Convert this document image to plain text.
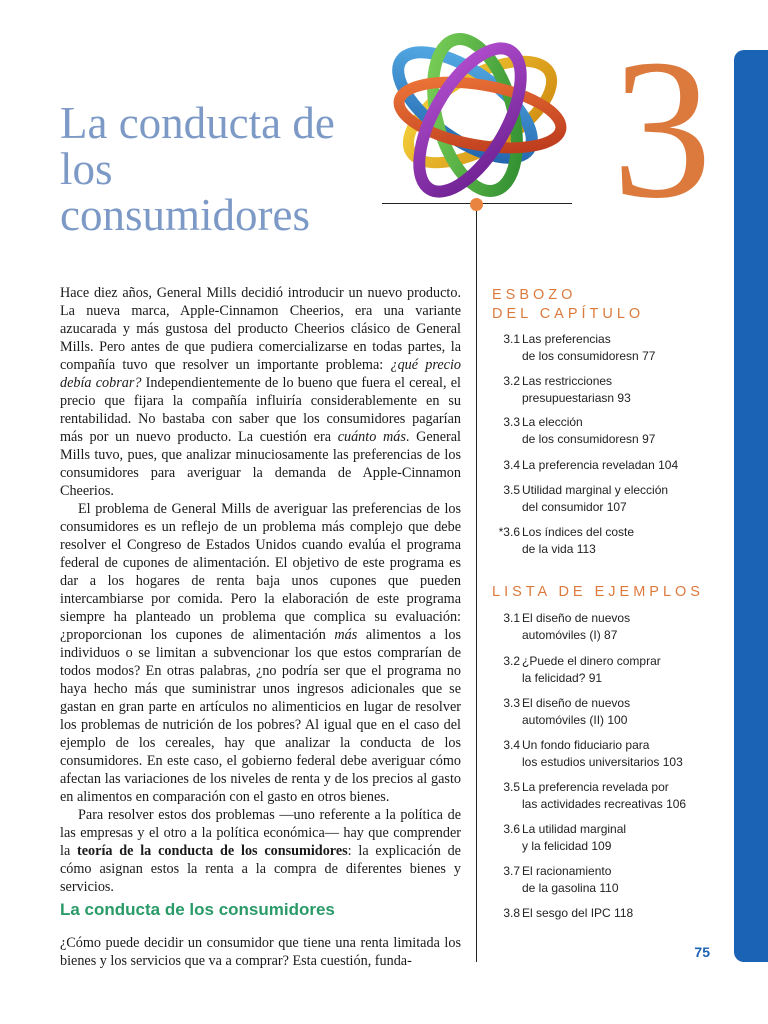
3
La conducta de los consumidores

Hace diez años, General Mills decidió introducir un nuevo producto. La nueva marca, Apple-Cinnamon Cheerios, era una variante azucarada y más gustosa del producto Cheerios clásico de General Mills. Pero antes de que pudiera comercializarse en todas partes, la compañía tuvo que resolver un importante problema: ¿qué precio debía cobrar? Independientemente de lo bueno que fuera el cereal, el precio que fijara la compañía influiría considerablemente en su rentabilidad. No bastaba con saber que los consumidores pagarían más por un nuevo producto. La cuestión era cuánto más. General Mills tuvo, pues, que analizar minuciosamente las preferencias de los consumidores para averiguar la demanda de Apple-Cinnamon Cheerios.

El problema de General Mills de averiguar las preferencias de los consumidores es un reflejo de un problema más complejo que debe resolver el Congreso de Estados Unidos cuando evalúa el programa federal de cupones de alimentación. El objetivo de este programa es dar a los hogares de renta baja unos cupones que pueden intercambiarse por comida. Pero la elaboración de este programa siempre ha planteado un problema que complica su evaluación: ¿proporcionan los cupones de alimentación más alimentos a los individuos o se limitan a subvencionar los que estos comprarían de todos modos? En otras palabras, ¿no podría ser que el programa no haya hecho más que suministrar unos ingresos adicionales que se gastan en gran parte en artículos no alimenticios en lugar de resolver los problemas de nutrición de los pobres? Al igual que en el caso del ejemplo de los cereales, hay que analizar la conducta de los consumidores. En este caso, el gobierno federal debe averiguar cómo afectan las variaciones de los niveles de renta y de los precios al gasto en alimentos en comparación con el gasto en otros bienes.

Para resolver estos dos problemas —uno referente a la política de las empresas y el otro a la política económica— hay que comprender la teoría de la conducta de los consumidores: la explicación de cómo asignan estos la renta a la compra de diferentes bienes y servicios.

La conducta de los consumidores

¿Cómo puede decidir un consumidor que tiene una renta limitada los bienes y los servicios que va a comprar? Esta cuestión, funda-

ESBOZO
DEL CAPÍTULO
3.1 Las preferencias
de los consumidoresn 77
3.2 Las restricciones
presupuestariasn 93
3.3 La elección
de los consumidoresn 97
3.4 La preferencia reveladan 104
3.5 Utilidad marginal y elección
del consumidor 107
*3.6 Los índices del coste
de la vida 113
LISTA DE EJEMPLOS
3.1 El diseño de nuevos
automóviles (I) 87
3.2 ¿Puede el dinero comprar
la felicidad? 91
3.3 El diseño de nuevos
automóviles (II) 100
3.4 Un fondo fiduciario para
los estudios universitarios 103
3.5 La preferencia revelada por
las actividades recreativas 106
3.6 La utilidad marginal
y la felicidad 109
3.7 El racionamiento
de la gasolina 110
3.8 El sesgo del IPC 118
75
